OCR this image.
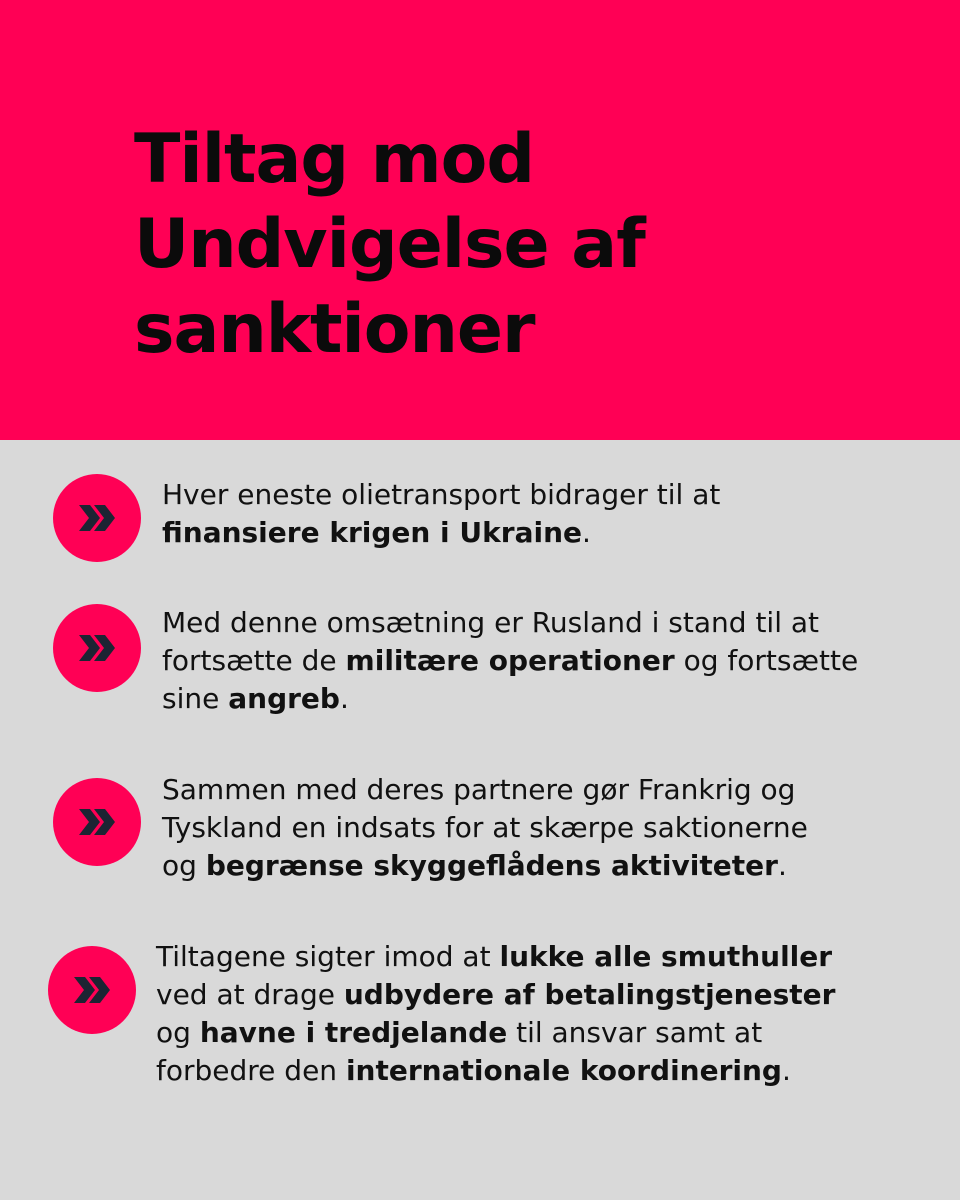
Tiltag mod
Undvigelse af
sanktioner

Hver eneste olietransport bidrager til at
finansiere krigen i Ukraine.

Med denne omsætning er Rusland i stand til at
fortsætte de militære operationer og fortsætte
sine angreb.

Sammen med deres partnere gør Frankrig og
Tyskland en indsats for at skærpe saktionerne
og begrænse skyggeflådens aktiviteter.

Tiltagene sigter imod at lukke alle smuthuller
ved at drage udbydere af betalingstjenester
og havne i tredjelande til ansvar samt at
forbedre den internationale koordinering.
